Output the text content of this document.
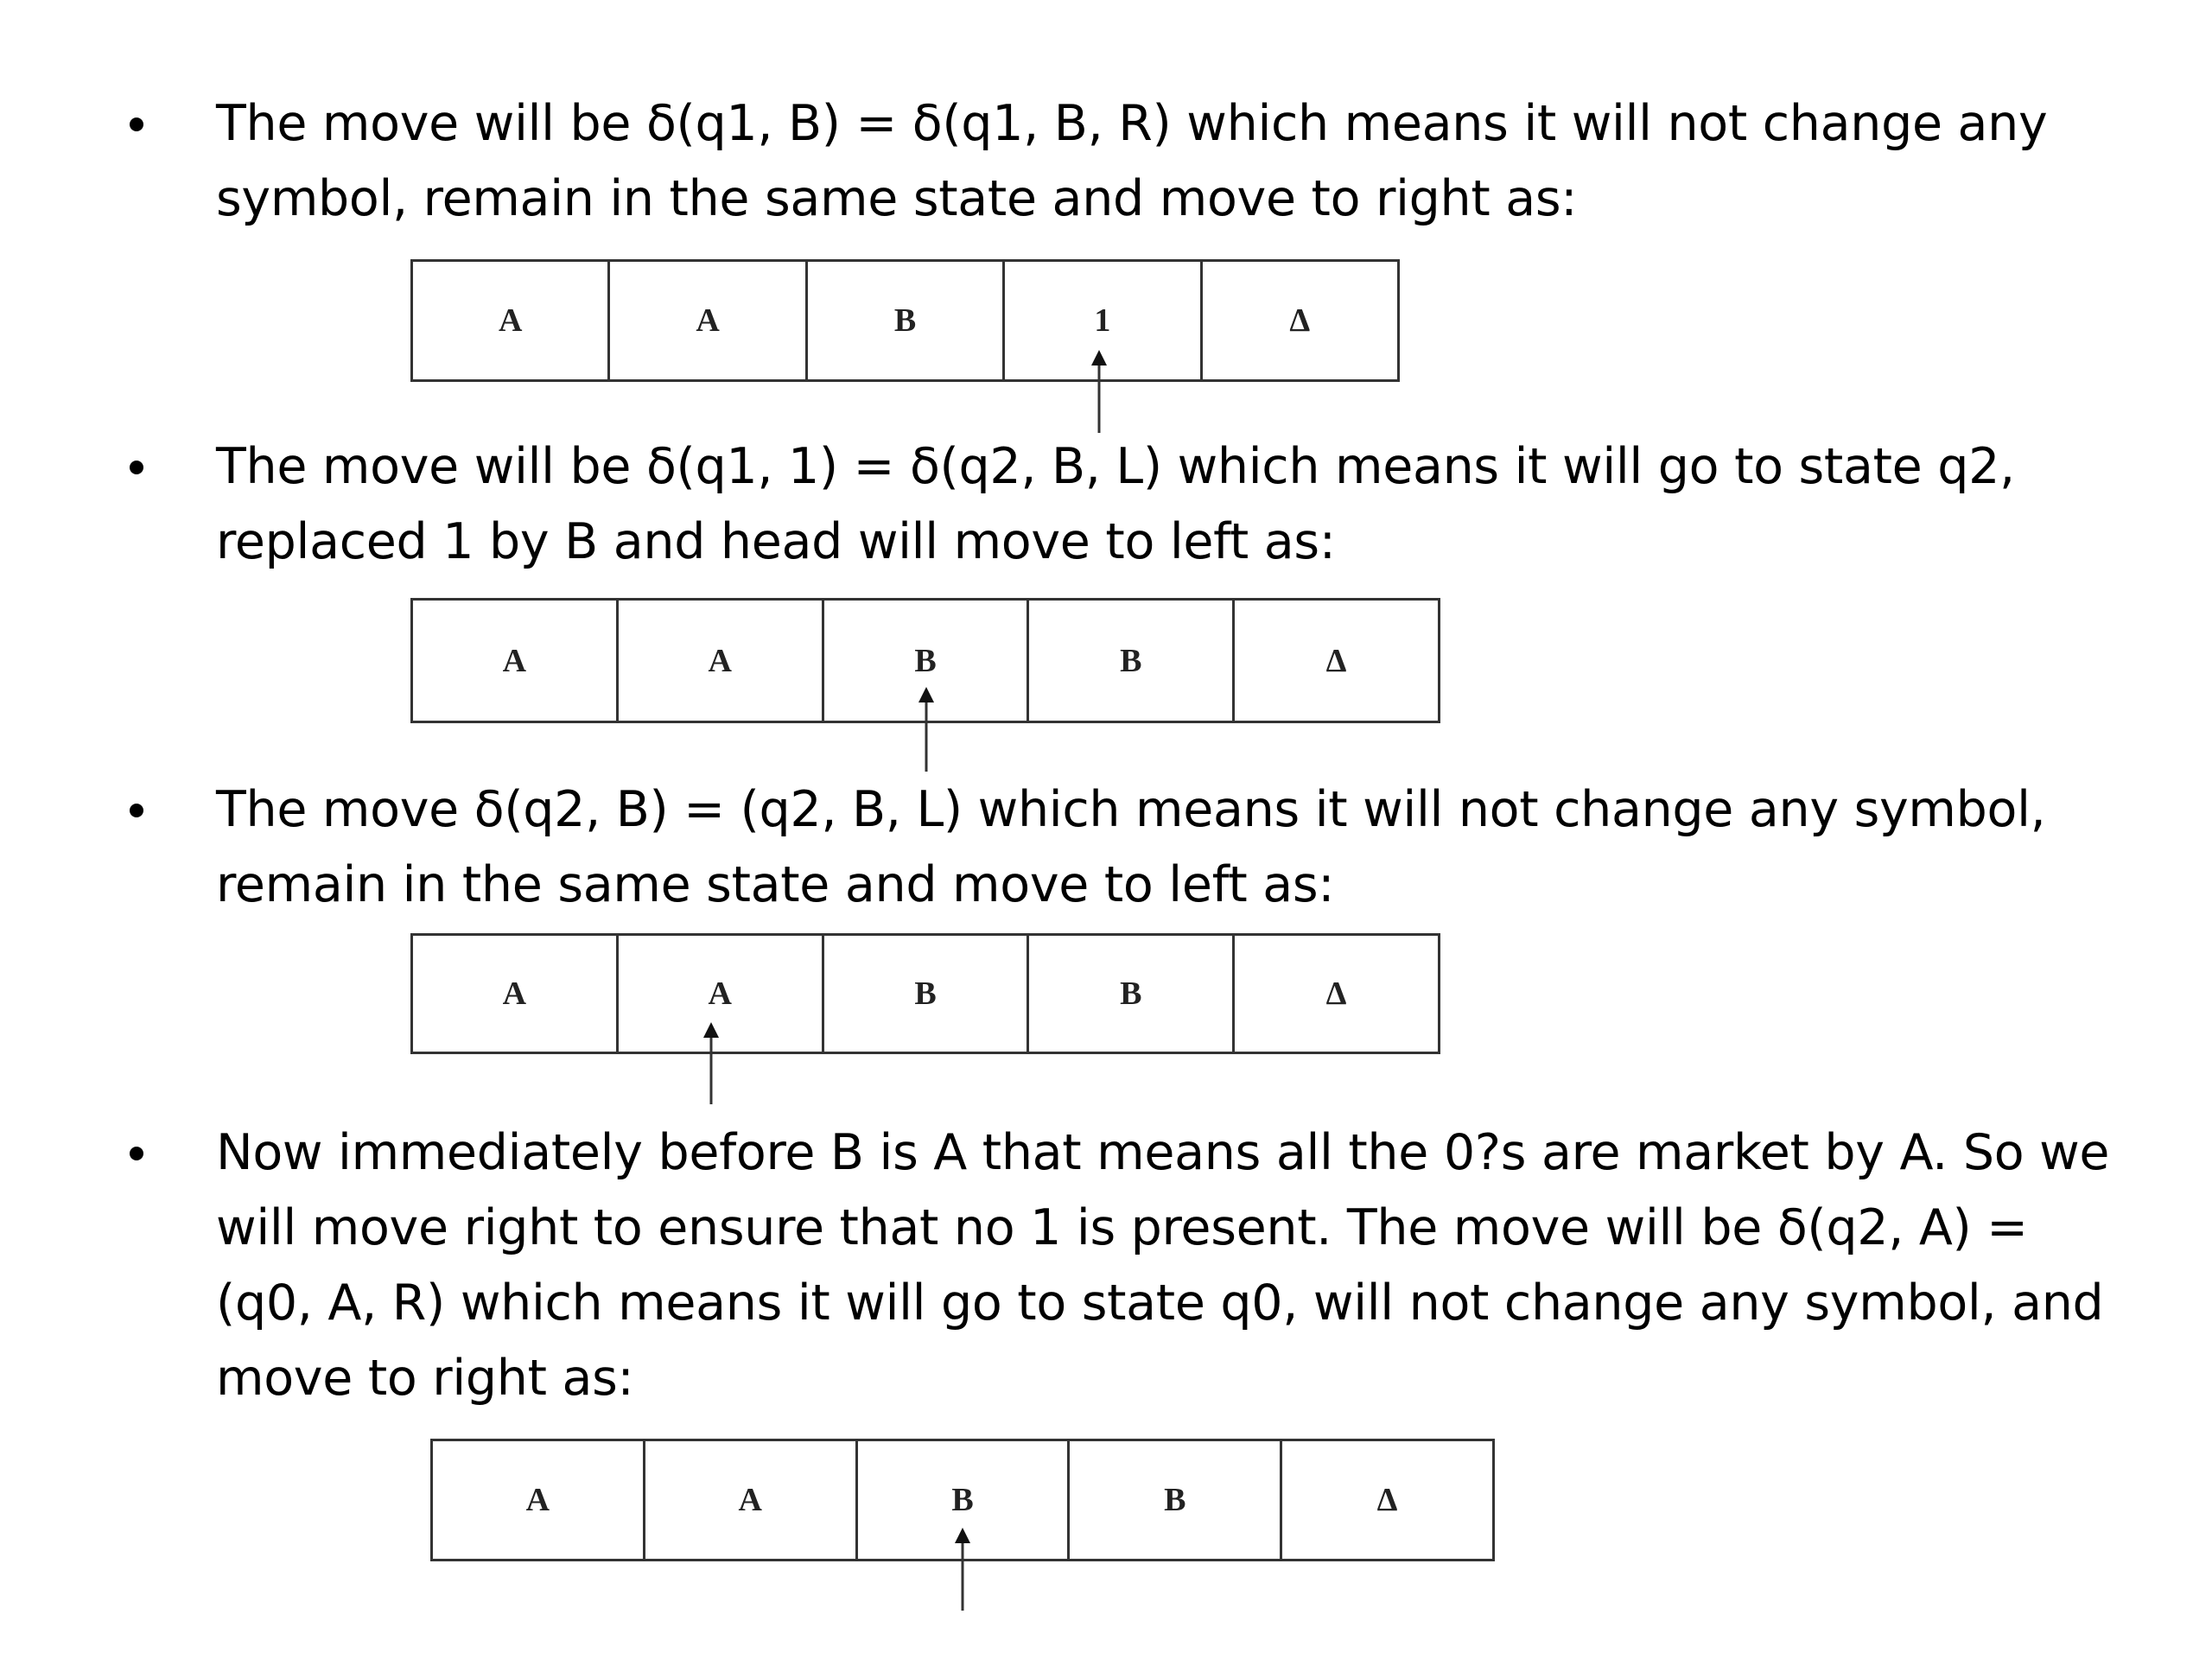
The move will be δ(q1, B) = δ(q1, B, R) which means it will not change any symbol, remain in the same state and move to right as:

A	A	B	1	Δ

The move will be δ(q1, 1) = δ(q2, B, L) which means it will go to state q2, replaced 1 by B and head will move to left as:

A	A	B	B	Δ

The move δ(q2, B) = (q2, B, L) which means it will not change any symbol, remain in the same state and move to left as:

A	A	B	B	Δ

Now immediately before B is A that means all the 0?s are market by A. So we will move right to ensure that no 1 is present. The move will be δ(q2, A) = (q0, A, R) which means it will go to state q0, will not change any symbol, and move to right as:

A	A	B	B	Δ
